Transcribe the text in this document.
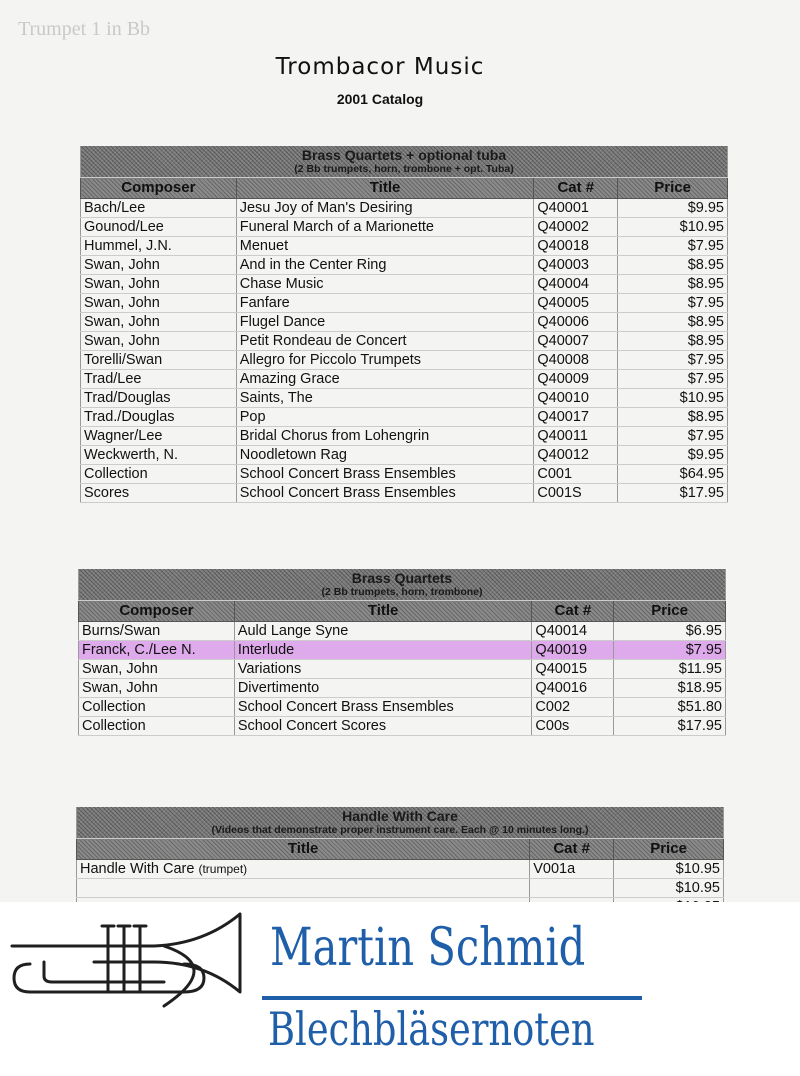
Trumpet 1 in Bb
Trombacor Music
2001 Catalog
Brass Quartets + optional tuba
(2 Bb trumpets, horn, trombone + opt. Tuba)			

Composer	Title	Cat #	Price
Bach/Lee	Jesu Joy of Man's Desiring	Q40001	$9.95
Gounod/Lee	Funeral March of a Marionette	Q40002	$10.95
Hummel, J.N.	Menuet	Q40018	$7.95
Swan, John	And in the Center Ring	Q40003	$8.95
Swan, John	Chase Music	Q40004	$8.95
Swan, John	Fanfare	Q40005	$7.95
Swan, John	Flugel Dance	Q40006	$8.95
Swan, John	Petit Rondeau de Concert	Q40007	$8.95
Torelli/Swan	Allegro for Piccolo Trumpets	Q40008	$7.95
Trad/Lee	Amazing Grace	Q40009	$7.95
Trad/Douglas	Saints, The	Q40010	$10.95
Trad./Douglas	Pop	Q40017	$8.95
Wagner/Lee	Bridal Chorus from Lohengrin	Q40011	$7.95
Weckwerth, N.	Noodletown Rag	Q40012	$9.95
Collection	School Concert Brass Ensembles	C001	$64.95
Scores	School Concert Brass Ensembles	C001S	$17.95
Brass Quartets
(2 Bb trumpets, horn, trombone)			

Composer	Title	Cat #	Price
Burns/Swan	Auld Lange Syne	Q40014	$6.95
Franck, C./Lee N.	Interlude	Q40019	$7.95
Swan, John	Variations	Q40015	$11.95
Swan, John	Divertimento	Q40016	$18.95
Collection	School Concert Brass Ensembles	C002	$51.80
Collection	School Concert Scores	C00s	$17.95
Handle With Care
(Videos that demonstrate proper instrument care. Each @ 10 minutes long.)		

Title	Cat #	Price
Handle With Care (trumpet)	V001a	$10.95
		$10.95

Martin Schmid
Blechbläsernoten
